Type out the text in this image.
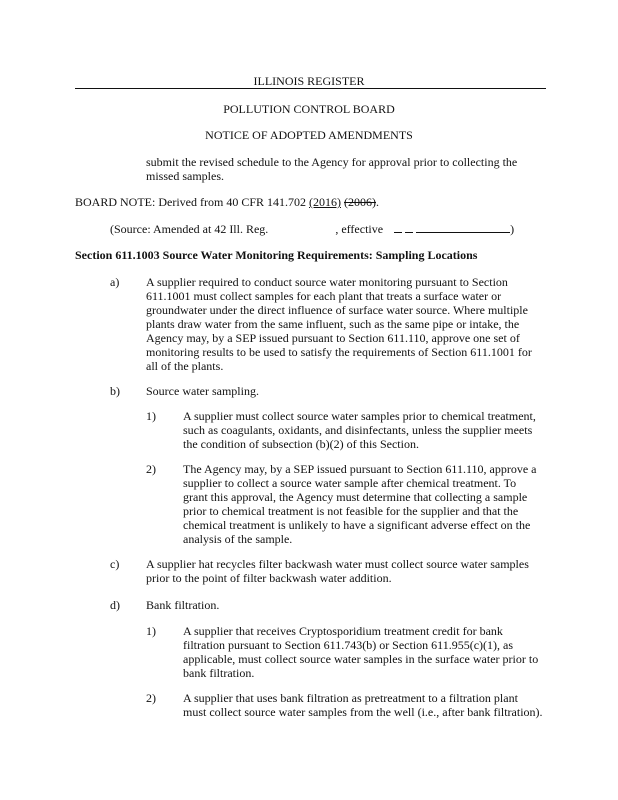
ILLINOIS REGISTER
POLLUTION CONTROL BOARD
NOTICE OF ADOPTED AMENDMENTS
submit the revised schedule to the Agency for approval prior to collecting the
missed samples.
BOARD NOTE: Derived from 40 CFR 141.702 (2016) (2006).
(Source: Amended at 42 Ill. Reg.	, effective	)
Section 611.1003 Source Water Monitoring Requirements: Sampling Locations
a) A supplier required to conduct source water monitoring pursuant to Section
611.1001 must collect samples for each plant that treats a surface water or
groundwater under the direct influence of surface water source. Where multiple
plants draw water from the same influent, such as the same pipe or intake, the
Agency may, by a SEP issued pursuant to Section 611.110, approve one set of
monitoring results to be used to satisfy the requirements of Section 611.1001 for
all of the plants.
b) Source water sampling.
1) A supplier must collect source water samples prior to chemical treatment,
such as coagulants, oxidants, and disinfectants, unless the supplier meets
the condition of subsection (b)(2) of this Section.
2) The Agency may, by a SEP issued pursuant to Section 611.110, approve a
supplier to collect a source water sample after chemical treatment. To
grant this approval, the Agency must determine that collecting a sample
prior to chemical treatment is not feasible for the supplier and that the
chemical treatment is unlikely to have a significant adverse effect on the
analysis of the sample.
c) A supplier hat recycles filter backwash water must collect source water samples
prior to the point of filter backwash water addition.
d) Bank filtration.
1) A supplier that receives Cryptosporidium treatment credit for bank
filtration pursuant to Section 611.743(b) or Section 611.955(c)(1), as
applicable, must collect source water samples in the surface water prior to
bank filtration.
2) A supplier that uses bank filtration as pretreatment to a filtration plant
must collect source water samples from the well (i.e., after bank filtration).
